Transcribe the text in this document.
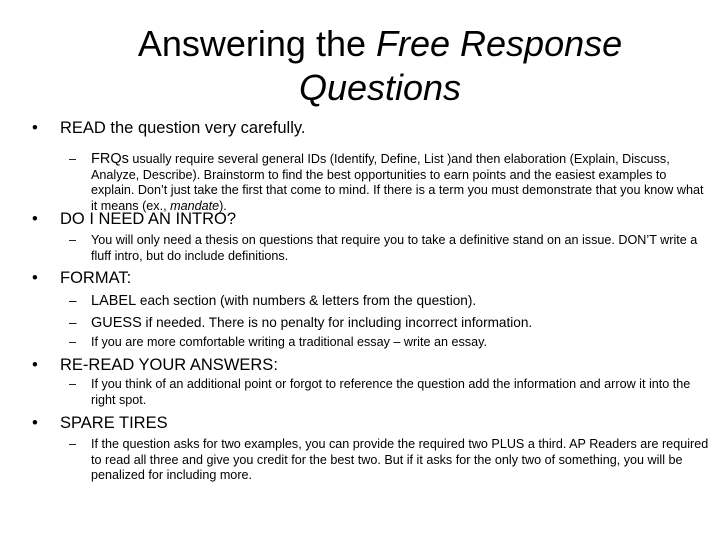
Answering the Free Response
Questions
• READ the question very carefully.
– FRQs usually require several general IDs (Identify, Define, List )and then elaboration (Explain, Discuss, Analyze, Describe). Brainstorm to find the best opportunities to earn points and the easiest examples to explain. Don’t just take the first that come to mind. If there is a term you must demonstrate that you know what it means (ex., mandate).
• DO I NEED AN INTRO?
– You will only need a thesis on questions that require you to take a definitive stand on an issue. DON’T write a fluff intro, but do include definitions.
• FORMAT:
– LABEL each section (with numbers & letters from the question).
– GUESS if needed. There is no penalty for including incorrect information.
– If you are more comfortable writing a traditional essay – write an essay.
• RE-READ YOUR ANSWERS:
– If you think of an additional point or forgot to reference the question add the information and arrow it into the right spot.
• SPARE TIRES
– If the question asks for two examples, you can provide the required two PLUS a third. AP Readers are required to read all three and give you credit for the best two. But if it asks for the only two of something, you will be penalized for including more.
